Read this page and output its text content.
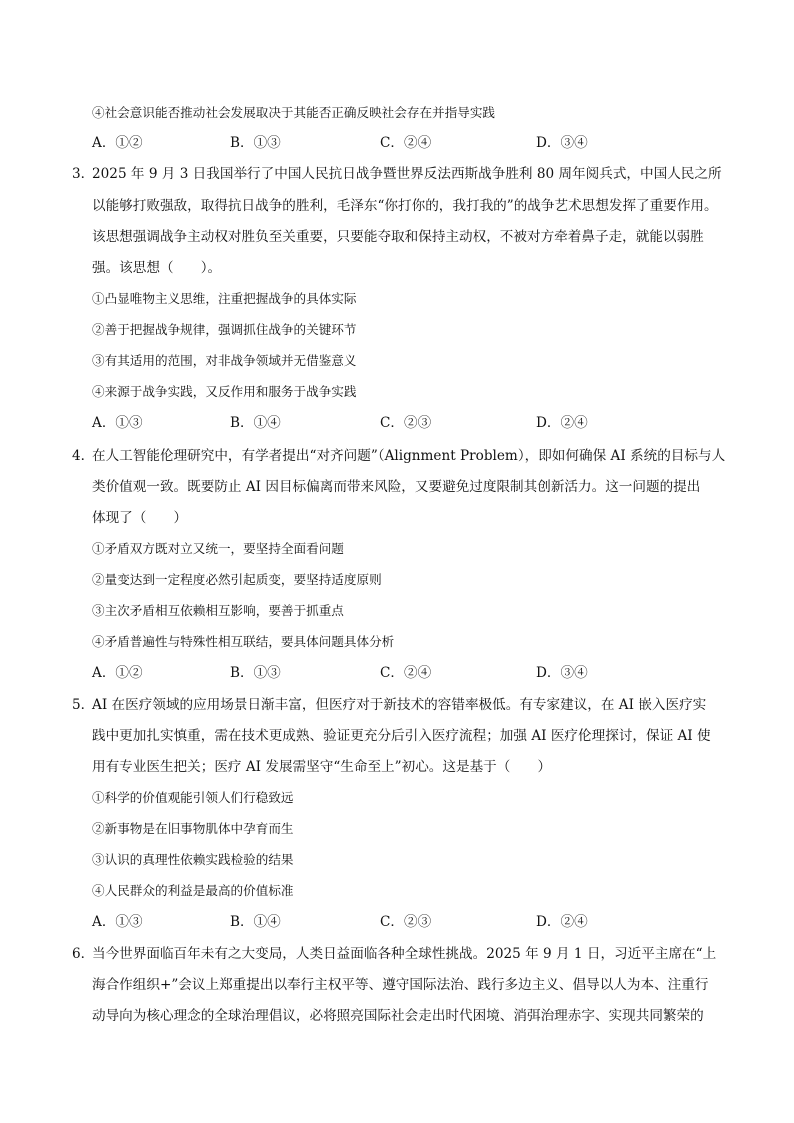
④社会意识能否推动社会发展取决于其能否正确反映社会存在并指导实践
A．①②	B．①③	C．②④	D．③④
3．
2025 年 9 月 3 日我国举行了中国人民抗日战争暨世界反法西斯战争胜利 80 周年阅兵式，中国人民之所
以能够打败强敌，取得抗日战争的胜利，毛泽东“你打你的，我打我的”的战争艺术思想发挥了重要作用。
该思想强调战争主动权对胜负至关重要，只要能夺取和保持主动权，不被对方牵着鼻子走，就能以弱胜
强。该思想（　　）。
①凸显唯物主义思维，注重把握战争的具体实际
②善于把握战争规律，强调抓住战争的关键环节
③有其适用的范围，对非战争领域并无借鉴意义
④来源于战争实践，又反作用和服务于战争实践
A．①③	B．①④	C．②③	D．②④
4．
在人工智能伦理研究中，有学者提出“对齐问题”（Alignment Problem），即如何确保 AI 系统的目标与人
类价值观一致。既要防止 AI 因目标偏离而带来风险，又要避免过度限制其创新活力。这一问题的提出
体现了（　　）
①矛盾双方既对立又统一，要坚持全面看问题
②量变达到一定程度必然引起质变，要坚持适度原则
③主次矛盾相互依赖相互影响，要善于抓重点
④矛盾普遍性与特殊性相互联结，要具体问题具体分析
A．①②	B．①③	C．②④	D．③④
5．
AI 在医疗领域的应用场景日渐丰富，但医疗对于新技术的容错率极低。有专家建议，在 AI 嵌入医疗实
践中更加扎实慎重，需在技术更成熟、验证更充分后引入医疗流程；加强 AI 医疗伦理探讨，保证 AI 使
用有专业医生把关；医疗 AI 发展需坚守“生命至上”初心。这是基于（　　）
①科学的价值观能引领人们行稳致远
②新事物是在旧事物肌体中孕育而生
③认识的真理性依赖实践检验的结果
④人民群众的利益是最高的价值标准
A．①③	B．①④	C．②③	D．②④
6．
当今世界面临百年未有之大变局，人类日益面临各种全球性挑战。2025 年 9 月 1 日，习近平主席在“上
海合作组织+”会议上郑重提出以奉行主权平等、遵守国际法治、践行多边主义、倡导以人为本、注重行
动导向为核心理念的全球治理倡议，必将照亮国际社会走出时代困境、消弭治理赤字、实现共同繁荣的
